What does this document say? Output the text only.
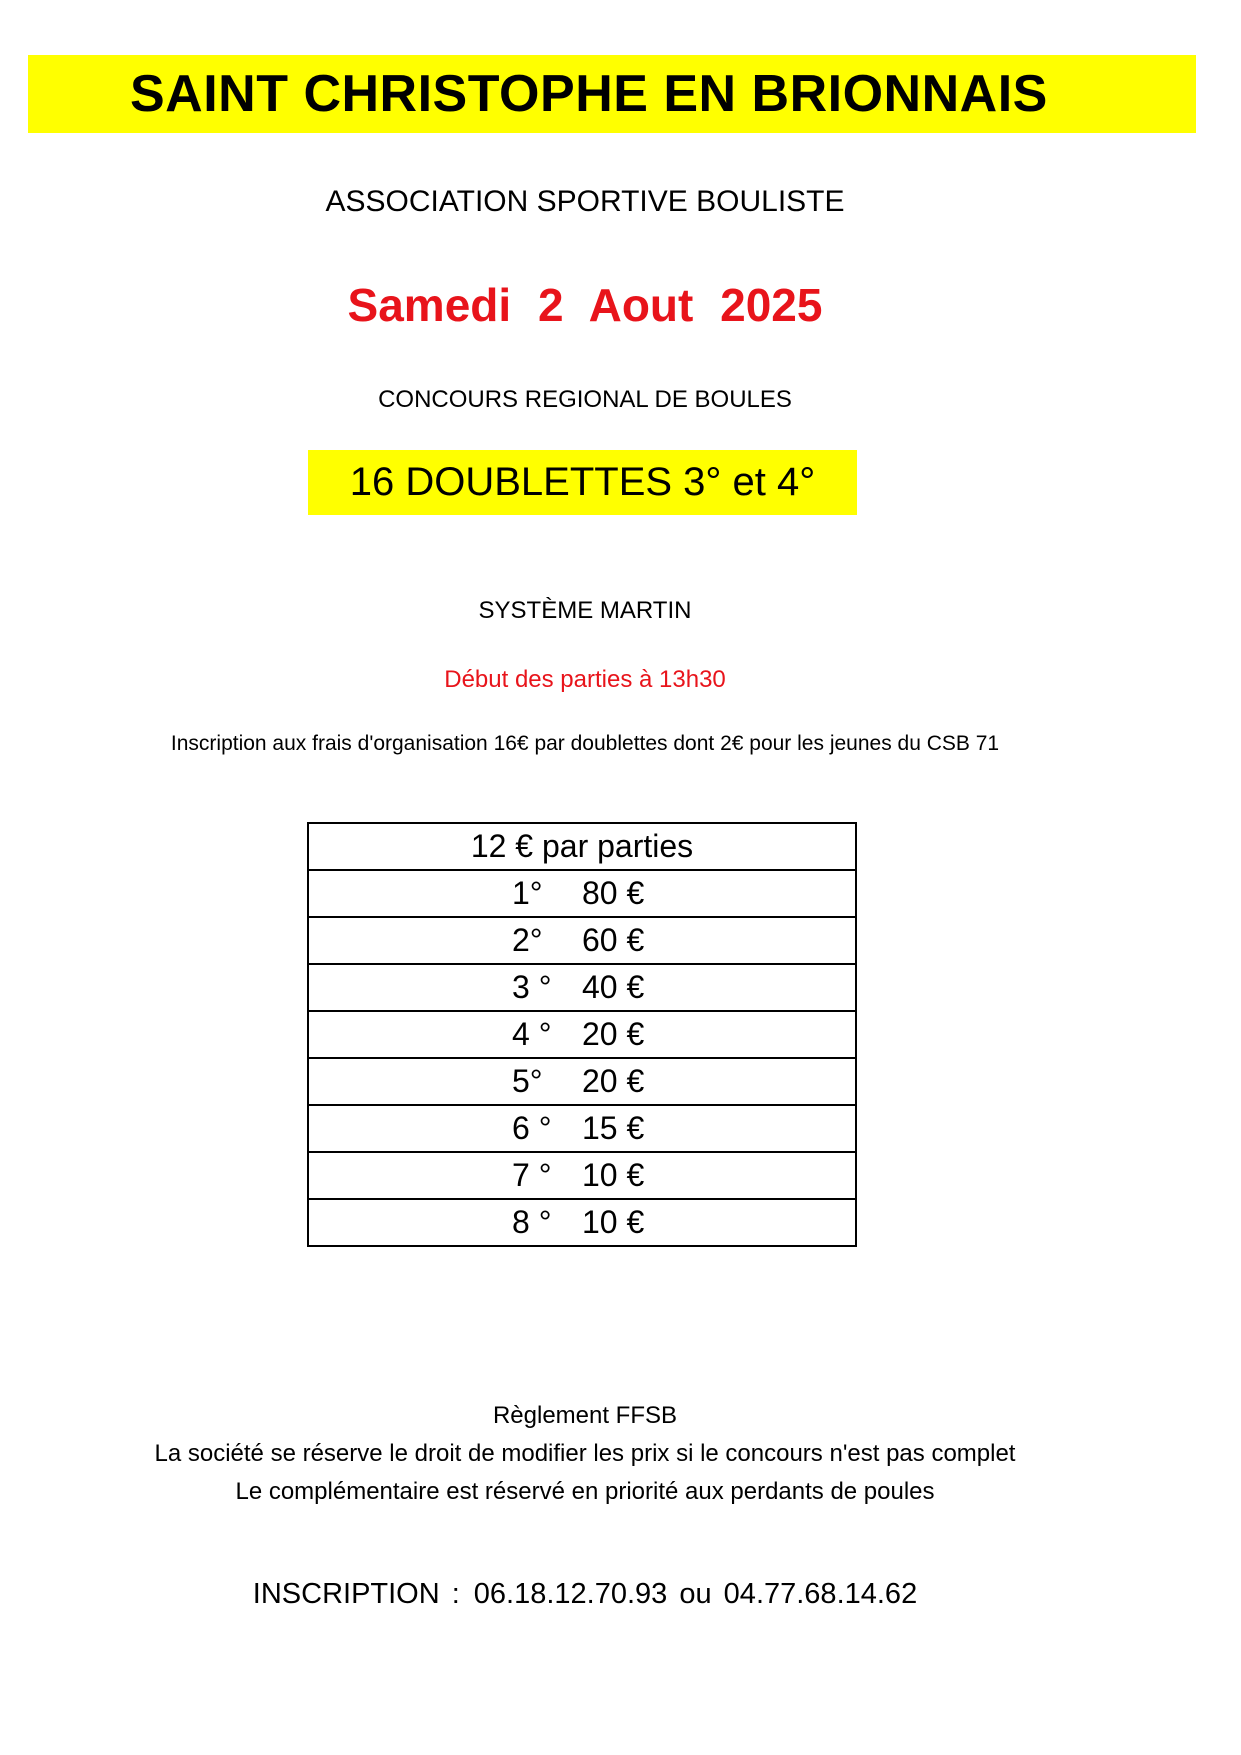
SAINT CHRISTOPHE EN BRIONNAIS
ASSOCIATION SPORTIVE BOULISTE
Samedi 2 Aout 2025
CONCOURS REGIONAL DE BOULES
16 DOUBLETTES 3° et 4°
SYSTÈME MARTIN
Début des parties à 13h30
Inscription aux frais d'organisation 16€ par doublettes dont 2€ pour les jeunes du CSB 71
12 € par parties
1° 80 €
2° 60 €
3 ° 40 €
4 ° 20 €
5° 20 €
6 ° 15 €
7 ° 10 €
8 ° 10 €
Règlement FFSB
La société se réserve le droit de modifier les prix si le concours n'est pas complet
Le complémentaire est réservé en priorité aux perdants de poules
INSCRIPTION : 06.18.12.70.93 ou 04.77.68.14.62
